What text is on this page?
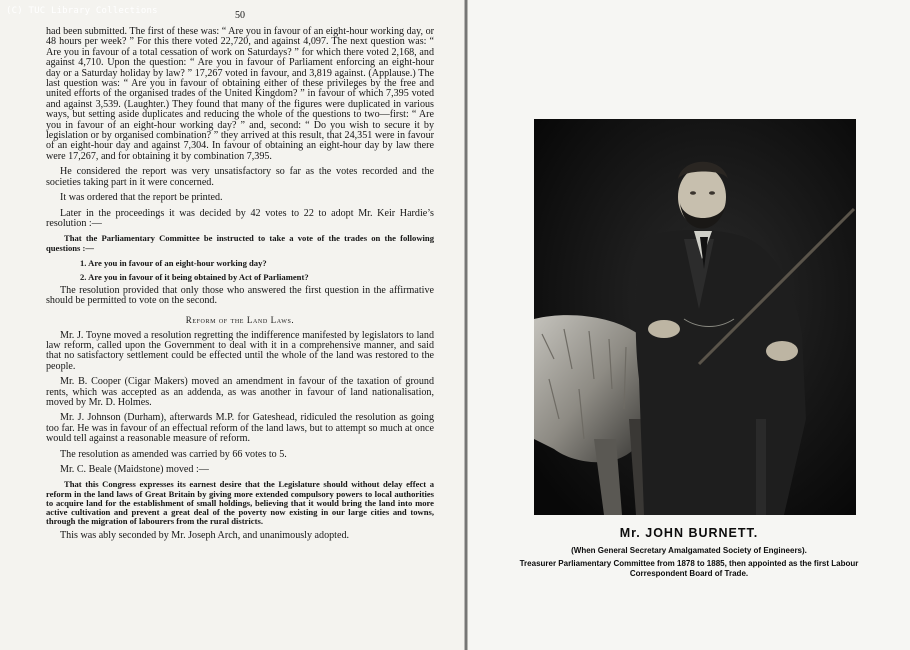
(C) TUC Library Collections	50

had been submitted. The first of these was: “ Are you in favour of an eight-hour working day, or 48 hours per week? ” For this there voted 22,720, and against 4,097. The next question was: “ Are you in favour of a total cessation of work on Saturdays? ” for which there voted 2,168, and against 4,710. Upon the question: “ Are you in favour of Parliament enforcing an eight-hour day or a Saturday holiday by law? ” 17,267 voted in favour, and 3,819 against. (Applause.) The last question was: “ Are you in favour of obtaining either of these privileges by the free and united efforts of the organised trades of the United Kingdom? ” in favour of which 7,395 voted and against 3,539. (Laughter.) They found that many of the figures were duplicated in various ways, but setting aside duplicates and reducing the whole of the questions to two—first: “ Are you in favour of an eight-hour working day? ” and, second: “ Do you wish to secure it by legislation or by organised combination? ” they arrived at this result, that 24,351 were in favour of an eight-hour day and against 7,304. In favour of obtaining an eight-hour day by law there were 17,267, and for obtaining it by combination 7,395.

He considered the report was very unsatisfactory so far as the votes recorded and the societies taking part in it were concerned.

It was ordered that the report be printed.

Later in the proceedings it was decided by 42 votes to 22 to adopt Mr. Keir Hardie’s resolution :—

That the Parliamentary Committee be instructed to take a vote of the trades on the following questions :—
1. Are you in favour of an eight-hour working day?
2. Are you in favour of it being obtained by Act of Parliament?

The resolution provided that only those who answered the first question in the affirmative should be permitted to vote on the second.

Reform of the Land Laws.

Mr. J. Toyne moved a resolution regretting the indifference manifested by legislators to land law reform, called upon the Government to deal with it in a comprehensive manner, and said that no satisfactory settlement could be effected until the whole of the land was restored to the people.

Mr. B. Cooper (Cigar Makers) moved an amendment in favour of the taxation of ground rents, which was accepted as an addenda, as was another in favour of land nationalisation, moved by Mr. D. Holmes.

Mr. J. Johnson (Durham), afterwards M.P. for Gateshead, ridiculed the resolution as going too far. He was in favour of an effectual reform of the land laws, but to attempt so much at once would tell against a reasonable measure of reform.

The resolution as amended was carried by 66 votes to 5.

Mr. C. Beale (Maidstone) moved :—

That this Congress expresses its earnest desire that the Legislature should without delay effect a reform in the land laws of Great Britain by giving more extended compulsory powers to local authorities to acquire land for the establishment of small holdings, believing that it would bring the land into more active cultivation and prevent a great deal of the poverty now existing in our large cities and towns, through the migration of labourers from the rural districts.

This was ably seconded by Mr. Joseph Arch, and unanimously adopted.	Mr. JOHN BURNETT.
(When General Secretary Amalgamated Society of Engineers).
Treasurer Parliamentary Committee from 1878 to 1885, then appointed as the first Labour Correspondent Board of Trade.
